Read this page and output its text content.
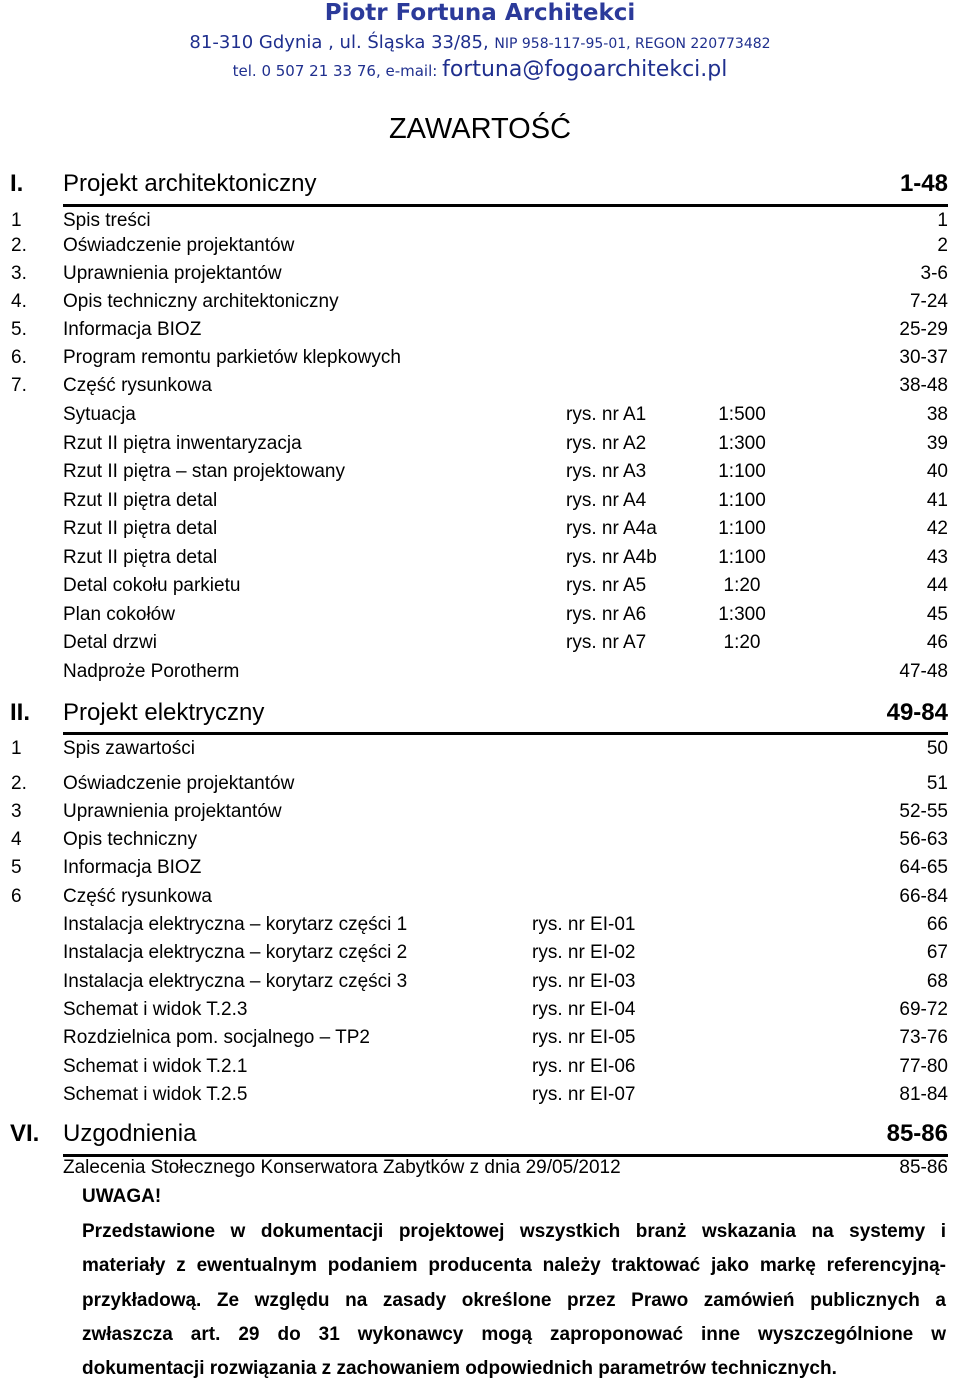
Piotr Fortuna Architekci
81-310 Gdynia , ul. Śląska 33/85, NIP 958-117-95-01, REGON 220773482
tel. 0 507 21 33 76, e-mail: fortuna@fogoarchitekci.pl
ZAWARTOŚĆ
I. Projekt architektoniczny	1-48
1 Spis treści	1
2. Oświadczenie projektantów	2
3. Uprawnienia projektantów	3-6
4. Opis techniczny architektoniczny	7-24
5. Informacja BIOZ	25-29
6. Program remontu parkietów klepkowych	30-37
7. Część rysunkowa	38-48
Sytuacja	rys. nr A1	1:500	38
Rzut II piętra inwentaryzacja	rys. nr A2	1:300	39
Rzut II piętra – stan projektowany	rys. nr A3	1:100	40
Rzut II piętra detal	rys. nr A4	1:100	41
Rzut II piętra detal	rys. nr A4a	1:100	42
Rzut II piętra detal	rys. nr A4b	1:100	43
Detal cokołu parkietu	rys. nr A5	1:20	44
Plan cokołów	rys. nr A6	1:300	45
Detal drzwi	rys. nr A7	1:20	46
Nadproże Porotherm	47-48
II. Projekt elektryczny	49-84
1 Spis zawartości	50
2. Oświadczenie projektantów	51
3 Uprawnienia projektantów	52-55
4 Opis techniczny	56-63
5 Informacja BIOZ	64-65
6 Część rysunkowa	66-84
Instalacja elektryczna – korytarz części 1	rys. nr EI-01	66
Instalacja elektryczna – korytarz części 2	rys. nr EI-02	67
Instalacja elektryczna – korytarz części 3	rys. nr EI-03	68
Schemat i widok T.2.3	rys. nr EI-04	69-72
Rozdzielnica pom. socjalnego – TP2	rys. nr EI-05	73-76
Schemat i widok T.2.1	rys. nr EI-06	77-80
Schemat i widok T.2.5	rys. nr EI-07	81-84
VI. Uzgodnienia	85-86
Zalecenia Stołecznego Konserwatora Zabytków z dnia 29/05/2012	85-86
UWAGA!
Przedstawione w dokumentacji projektowej wszystkich branż wskazania na systemy i
materiały z ewentualnym podaniem producenta należy traktować jako markę referencyjną-
przykładową. Ze względu na zasady określone przez Prawo zamówień publicznych a
zwłaszcza art. 29 do 31 wykonawcy mogą zaproponować inne wyszczególnione w
dokumentacji rozwiązania z zachowaniem odpowiednich parametrów technicznych.
